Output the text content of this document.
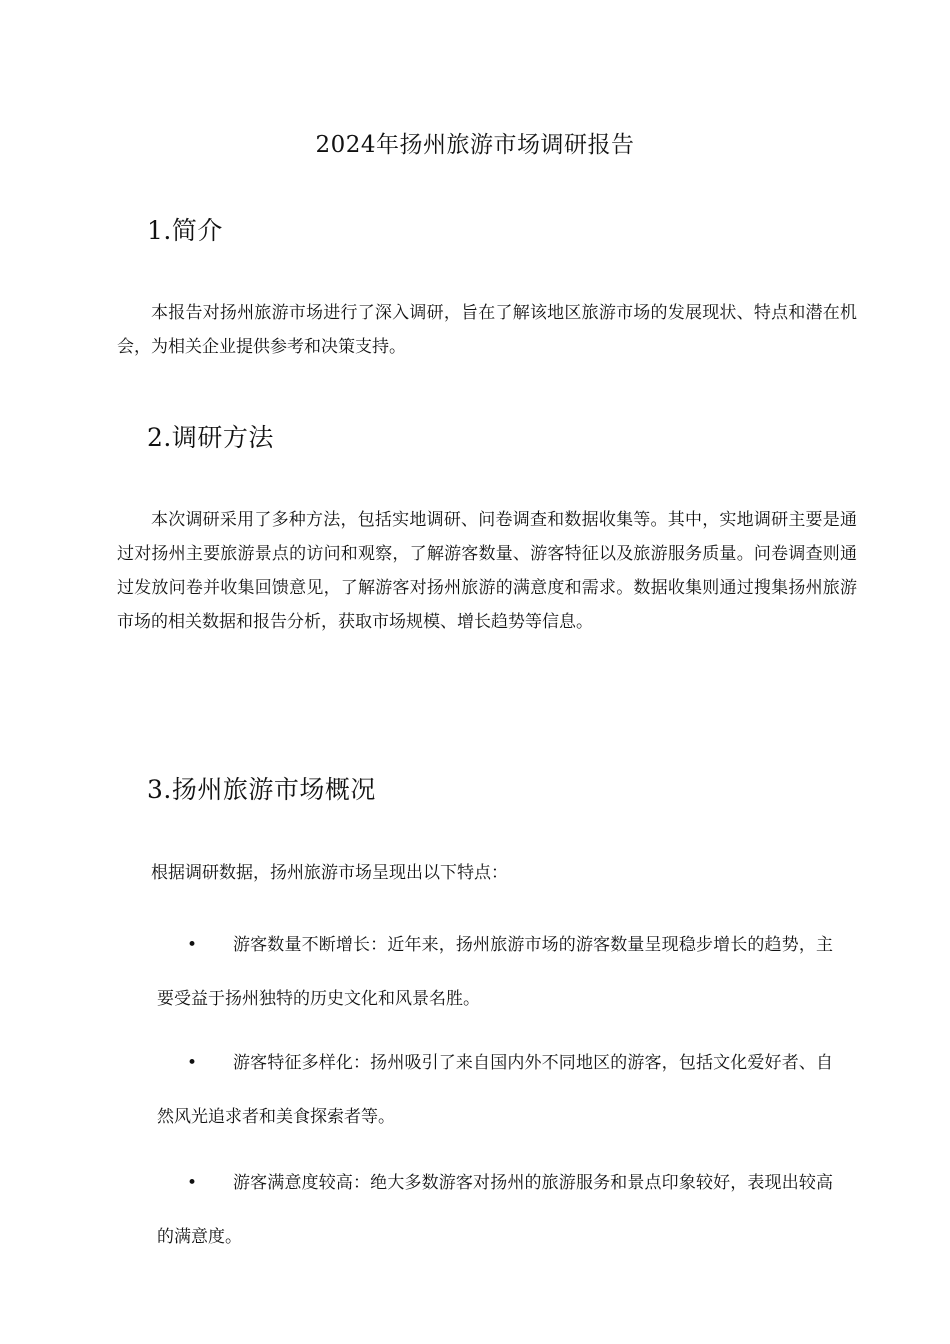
2024年扬州旅游市场调研报告
1.简介
本报告对扬州旅游市场进行了深入调研，旨在了解该地区旅游市场的发展现状、特点和潜在机会，为相关企业提供参考和决策支持。
2.调研方法
本次调研采用了多种方法，包括实地调研、问卷调查和数据收集等。其中，实地调研主要是通过对扬州主要旅游景点的访问和观察，了解游客数量、游客特征以及旅游服务质量。问卷调查则通过发放问卷并收集回馈意见，了解游客对扬州旅游的满意度和需求。数据收集则通过搜集扬州旅游市场的相关数据和报告分析，获取市场规模、增长趋势等信息。
3.扬州旅游市场概况
根据调研数据，扬州旅游市场呈现出以下特点：
•	游客数量不断增长：近年来，扬州旅游市场的游客数量呈现稳步增长的趋势，主要受益于扬州独特的历史文化和风景名胜。
•	游客特征多样化：扬州吸引了来自国内外不同地区的游客，包括文化爱好者、自然风光追求者和美食探索者等。
•	游客满意度较高：绝大多数游客对扬州的旅游服务和景点印象较好，表现出较高的满意度。
